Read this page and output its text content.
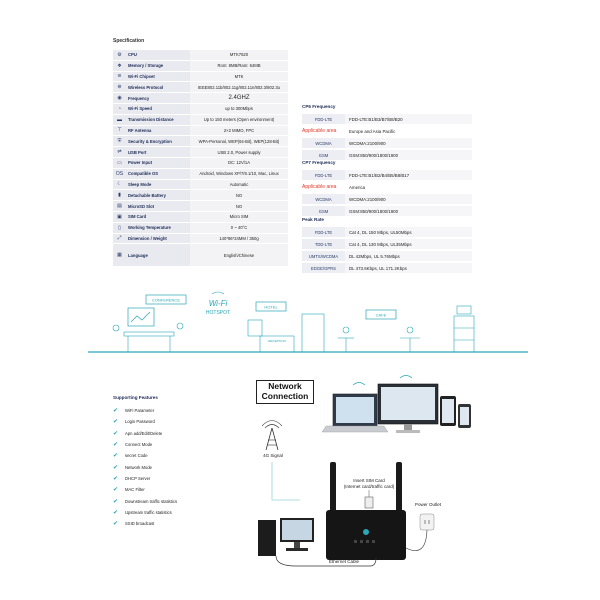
Specification
⚙	CPU	MTK7620
❖	Memory / Storage	Rom: 8MB/Ram: 64MB
≋	Wi-Fi Chipset	MTK
⊛	Wireless Protocol	IEEE802.11b/802.11g/802.11n/802.3/802.3u
◉	Frequency	2.4GHZ
◔	Wi-Fi Speed	up to 300Mbps
▬	Transmission Distance	Up to 150 meters (Open environment)
⊤	RF Antenna	2×2 MIMO, FPC
⛨	Security & Encryption	WPA-Personal, WEP(64-Bit), WEP(128-Bit)
⇌	USB Port	USB 2.0, Power supply
▭	Power Input	DC: 12V/1A
OS	Compatible OS	Android, Windows XP/7/8.1/10, Mac, Linux
☾	Sleep Mode	Automatic
▮	Detachable Battery	NO
▤	MicroSD Slot	NO
▣	SIM Card	Micro SIM
▯	Working Temperature	0 ~ 40°C
⤢	Dimension / Weight	140*86*24MM / 350g
▦	Language	English/Chinese
CP6 Frequency
FDD-LTE	FDD-LTE:B1/B3/B7/B8/B20
Applicable area	Europe and Asia Pacific
WCDMA	WCDMA:2100/900
GSM	GSM:850/900/1800/1900
CP7 Frequency
FDD-LTE	FDD-LTE:B1/B2/B4/B5/B8/B17
Applicable area	America
WCDMA	WCDMA:2100/900
GSM	GSM:850/900/1800/1900
Peak Rate
FDD-LTE	Cat 4, DL 150 Mbps, UL50Mbps
TDD-LTE	Cat 4, DL 130 Mbps, UL35Mbps
UMTS/WCDMA	DL 42Mbps, UL 5.76Mbps
EDGE/GPRS	DL 473.6Kbps, UL 171.2Kbps
CONFERENCE	Wi-Fi
HOTSPOT
HOTEL
RECEPTION
CAFE
Supporting Features
✔	WiFi Parameter
✔	Login Password
✔	Apn add/Edit/Delete
✔	Connect Mode
✔	secret Code
✔	Network Mode
✔	DHCP Server
✔	MAC Filter
✔	Downstream traffic statistics
✔	Upstream traffic statistics
✔	SSID broadcast
Network
Connection
4G Signal
Insert SIM Card
(Internet card/traffic card)
Power Outlet
Ethernet Cable
